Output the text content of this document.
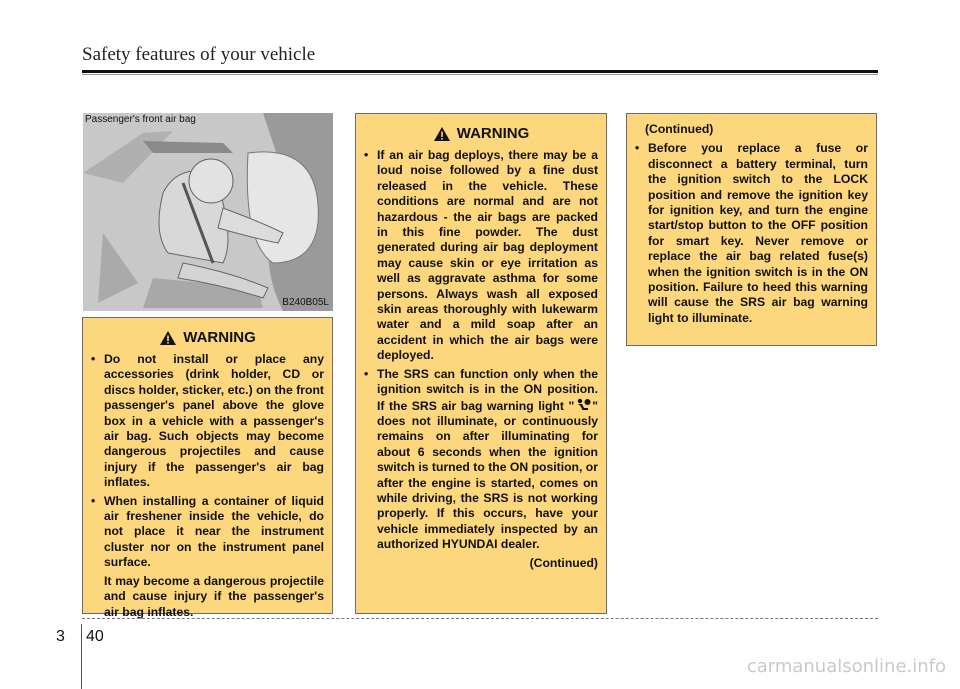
Safety features of your vehicle
Passenger's front air bag
B240B05L
WARNING
• Do not install or place any accessories (drink holder, CD or discs holder, sticker, etc.) on the front passenger's panel above the glove box in a vehicle with a passenger's air bag. Such objects may become dangerous projectiles and cause injury if the passenger's air bag inflates.
• When installing a container of liquid air freshener inside the vehicle, do not place it near the instrument cluster nor on the instrument panel surface.

It may become a dangerous projectile and cause injury if the passenger's air bag inflates.

WARNING
• If an air bag deploys, there may be a loud noise followed by a fine dust released in the vehicle. These conditions are normal and are not hazardous - the air bags are packed in this fine powder. The dust generated during air bag deployment may cause skin or eye irritation as well as aggravate asthma for some persons. Always wash all exposed skin areas thoroughly with lukewarm water and a mild soap after an accident in which the air bags were deployed.
• The SRS can function only when the ignition switch is in the ON position. If the SRS air bag warning light " " does not illuminate, or continuously remains on after illuminating for about 6 seconds when the ignition switch is turned to the ON position, or after the engine is started, comes on while driving, the SRS is not working properly. If this occurs, have your vehicle immediately inspected by an authorized HYUNDAI dealer.
(Continued)
(Continued)
• Before you replace a fuse or disconnect a battery terminal, turn the ignition switch to the LOCK position and remove the ignition key for ignition key, and turn the engine start/stop button to the OFF position for smart key. Never remove or replace the air bag related fuse(s) when the ignition switch is in the ON position. Failure to heed this warning will cause the SRS air bag warning light to illuminate.
3 40
carmanualsonline.info
